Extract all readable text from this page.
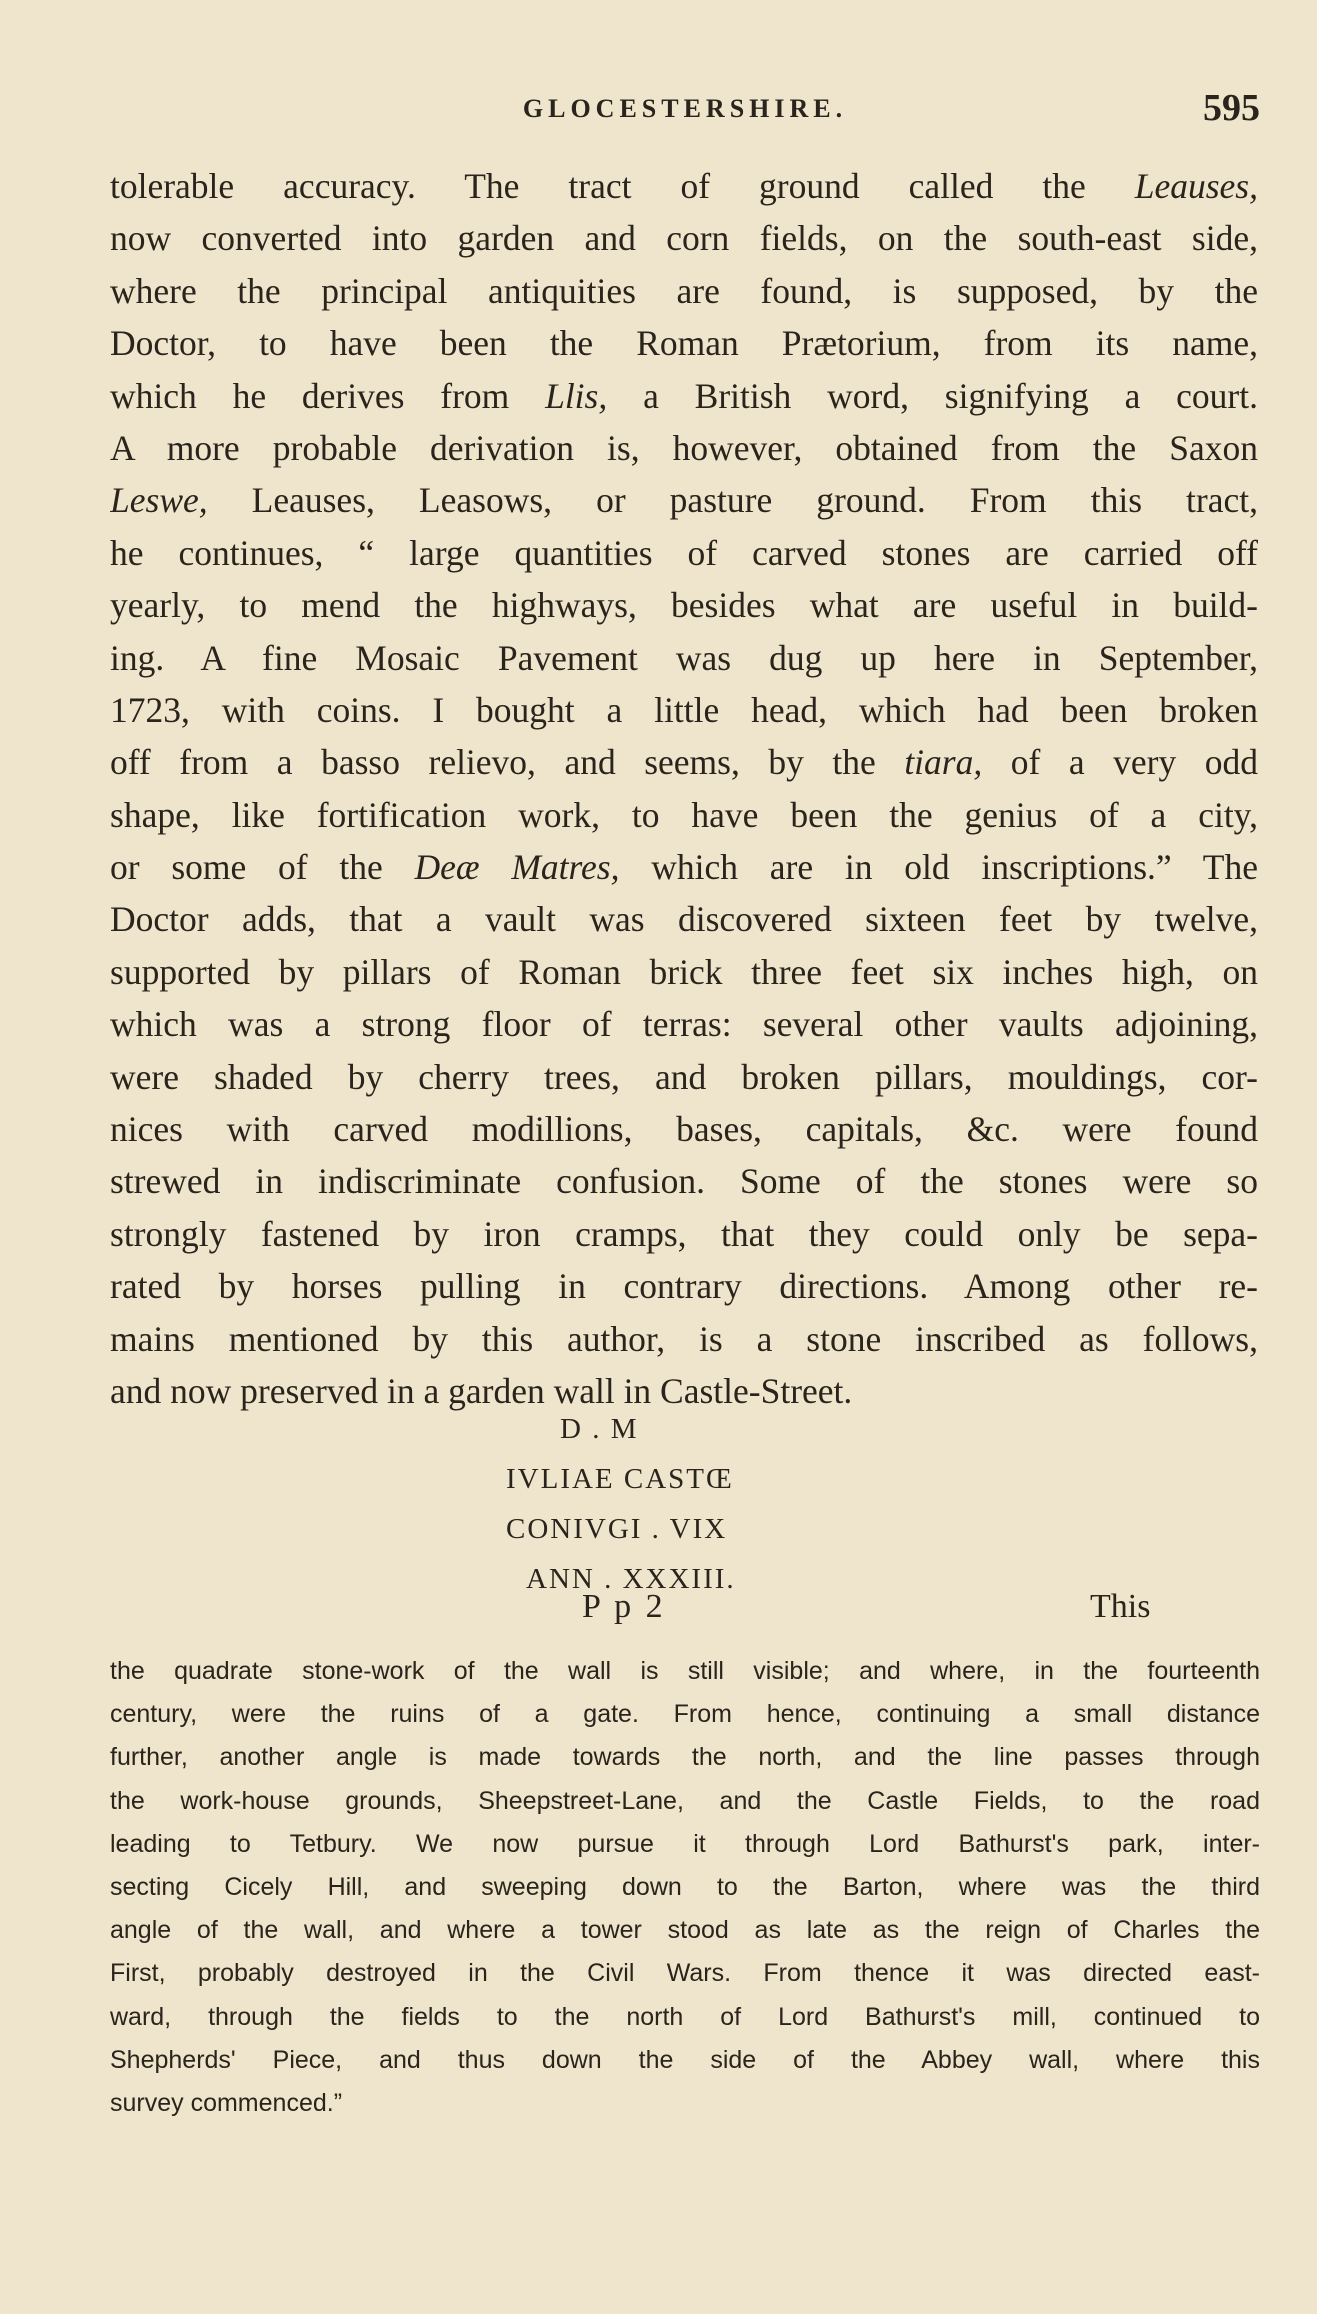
GLOCESTERSHIRE.	595
tolerable accuracy. The tract of ground called the Leauses,
now converted into garden and corn fields, on the south-east side,
where the principal antiquities are found, is supposed, by the
Doctor, to have been the Roman Prætorium, from its name,
which he derives from Llis, a British word, signifying a court.
A more probable derivation is, however, obtained from the Saxon
Leswe, Leauses, Leasows, or pasture ground. From this tract,
he continues, “ large quantities of carved stones are carried off
yearly, to mend the highways, besides what are useful in build-
ing. A fine Mosaic Pavement was dug up here in September,
1723, with coins. I bought a little head, which had been broken
off from a basso relievo, and seems, by the tiara, of a very odd
shape, like fortification work, to have been the genius of a city,
or some of the Deæ Matres, which are in old inscriptions.” The
Doctor adds, that a vault was discovered sixteen feet by twelve,
supported by pillars of Roman brick three feet six inches high, on
which was a strong floor of terras: several other vaults adjoining,
were shaded by cherry trees, and broken pillars, mouldings, cor-
nices with carved modillions, bases, capitals, &c. were found
strewed in indiscriminate confusion. Some of the stones were so
strongly fastened by iron cramps, that they could only be sepa-
rated by horses pulling in contrary directions. Among other re-
mains mentioned by this author, is a stone inscribed as follows,
and now preserved in a garden wall in Castle-Street.
D . M
IVLIAE CASTŒ
CONIVGI . VIX
ANN . XXXIII.
P p 2	This
the quadrate stone-work of the wall is still visible; and where, in the fourteenth
century, were the ruins of a gate. From hence, continuing a small distance
further, another angle is made towards the north, and the line passes through
the work-house grounds, Sheepstreet-Lane, and the Castle Fields, to the road
leading to Tetbury. We now pursue it through Lord Bathurst's park, inter-
secting Cicely Hill, and sweeping down to the Barton, where was the third
angle of the wall, and where a tower stood as late as the reign of Charles the
First, probably destroyed in the Civil Wars. From thence it was directed east-
ward, through the fields to the north of Lord Bathurst's mill, continued to
Shepherds' Piece, and thus down the side of the Abbey wall, where this
survey commenced.”
